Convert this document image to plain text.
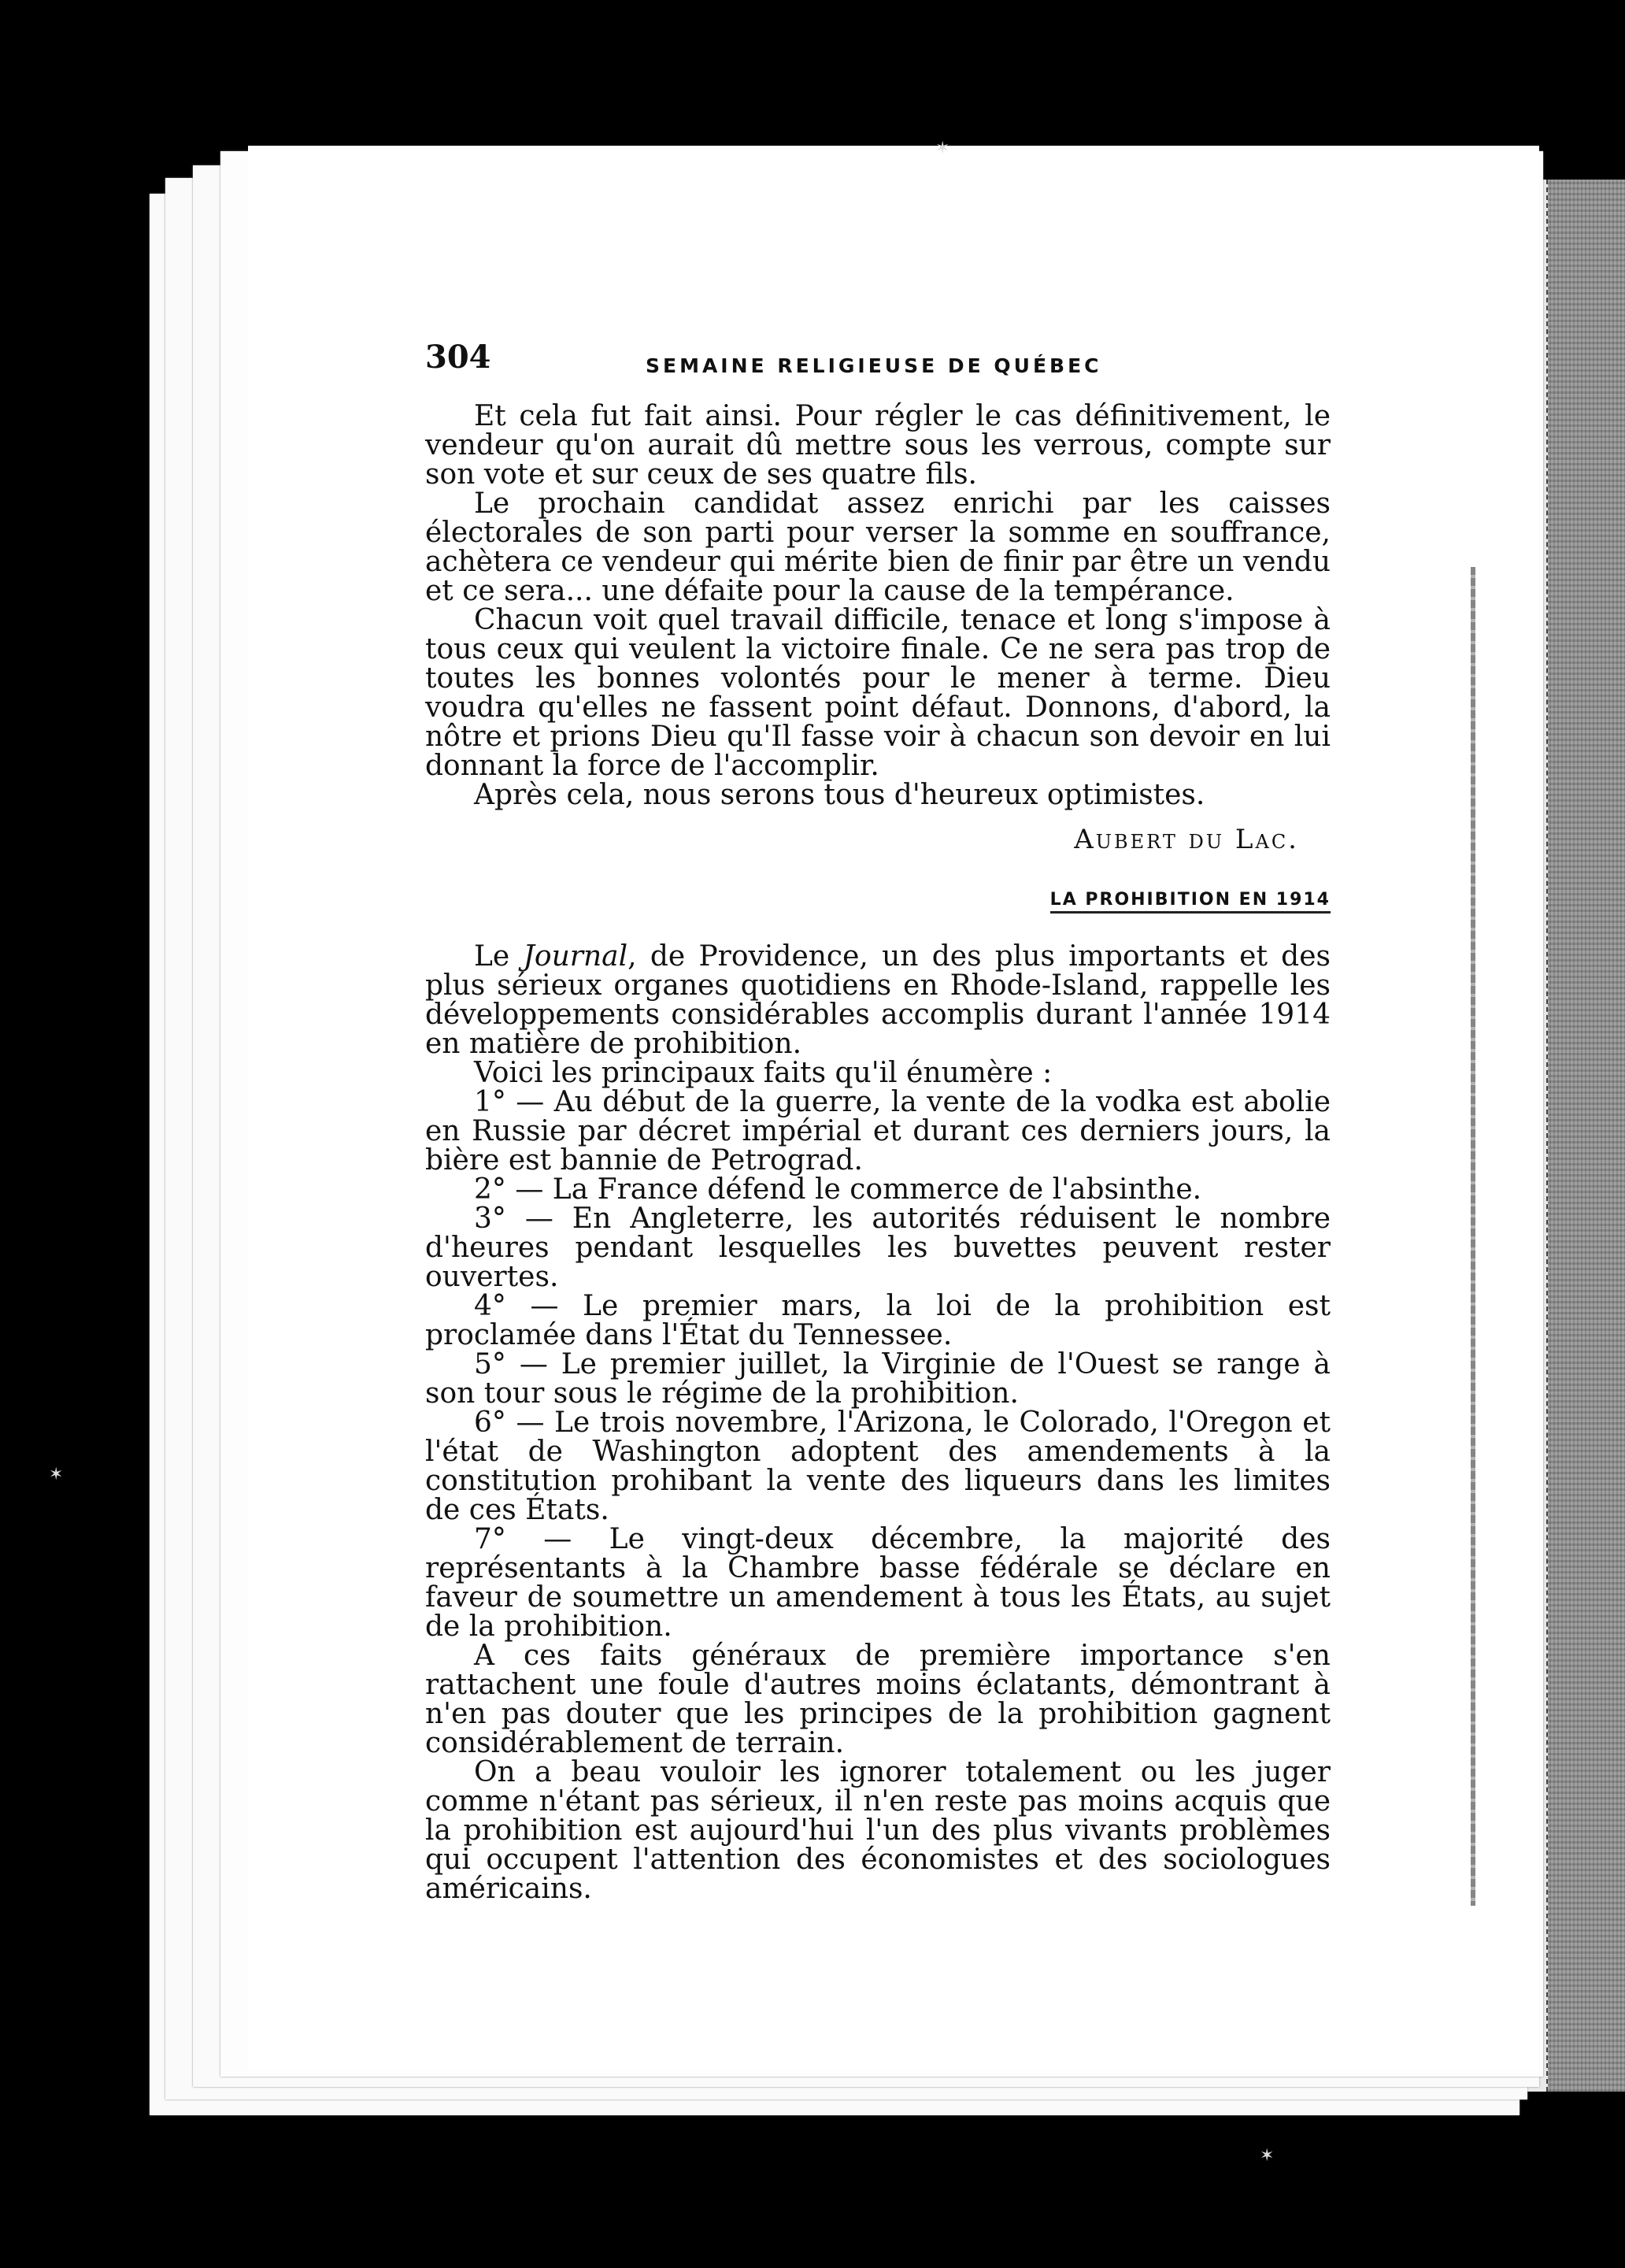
✶
✶
✶
304	SEMAINE RELIGIEUSE DE QUÉBEC

Et cela fut fait ainsi. Pour régler le cas définitivement, le vendeur qu'on aurait dû mettre sous les verrous, compte sur son vote et sur ceux de ses quatre fils.

Le prochain candidat assez enrichi par les caisses électorales de son parti pour verser la somme en souffrance, achètera ce vendeur qui mérite bien de finir par être un vendu et ce sera... une défaite pour la cause de la tempérance.

Chacun voit quel travail difficile, tenace et long s'impose à tous ceux qui veulent la victoire finale. Ce ne sera pas trop de toutes les bonnes volontés pour le mener à terme. Dieu voudra qu'elles ne fassent point défaut. Donnons, d'abord, la nôtre et prions Dieu qu'Il fasse voir à chacun son devoir en lui donnant la force de l'accomplir.

Après cela, nous serons tous d'heureux optimistes.

Aubert du Lac.
LA PROHIBITION EN 1914

Le Journal, de Providence, un des plus importants et des plus sérieux organes quotidiens en Rhode-Island, rappelle les développements considérables accomplis durant l'année 1914 en matière de prohibition.

Voici les principaux faits qu'il énumère :

1° — Au début de la guerre, la vente de la vodka est abolie en Russie par décret impérial et durant ces derniers jours, la bière est bannie de Petrograd.

2° — La France défend le commerce de l'absinthe.

3° — En Angleterre, les autorités réduisent le nombre d'heures pendant lesquelles les buvettes peuvent rester ouvertes.

4° — Le premier mars, la loi de la prohibition est proclamée dans l'État du Tennessee.

5° — Le premier juillet, la Virginie de l'Ouest se range à son tour sous le régime de la prohibition.

6° — Le trois novembre, l'Arizona, le Colorado, l'Oregon et l'état de Washington adoptent des amendements à la constitution prohibant la vente des liqueurs dans les limites de ces États.

7° — Le vingt-deux décembre, la majorité des représentants à la Chambre basse fédérale se déclare en faveur de soumettre un amendement à tous les États, au sujet de la prohibition.

A ces faits généraux de première importance s'en rattachent une foule d'autres moins éclatants, démontrant à n'en pas douter que les principes de la prohibition gagnent considérablement de terrain.

On a beau vouloir les ignorer totalement ou les juger comme n'étant pas sérieux, il n'en reste pas moins acquis que la prohibition est aujourd'hui l'un des plus vivants problèmes qui occupent l'attention des économistes et des sociologues américains.
